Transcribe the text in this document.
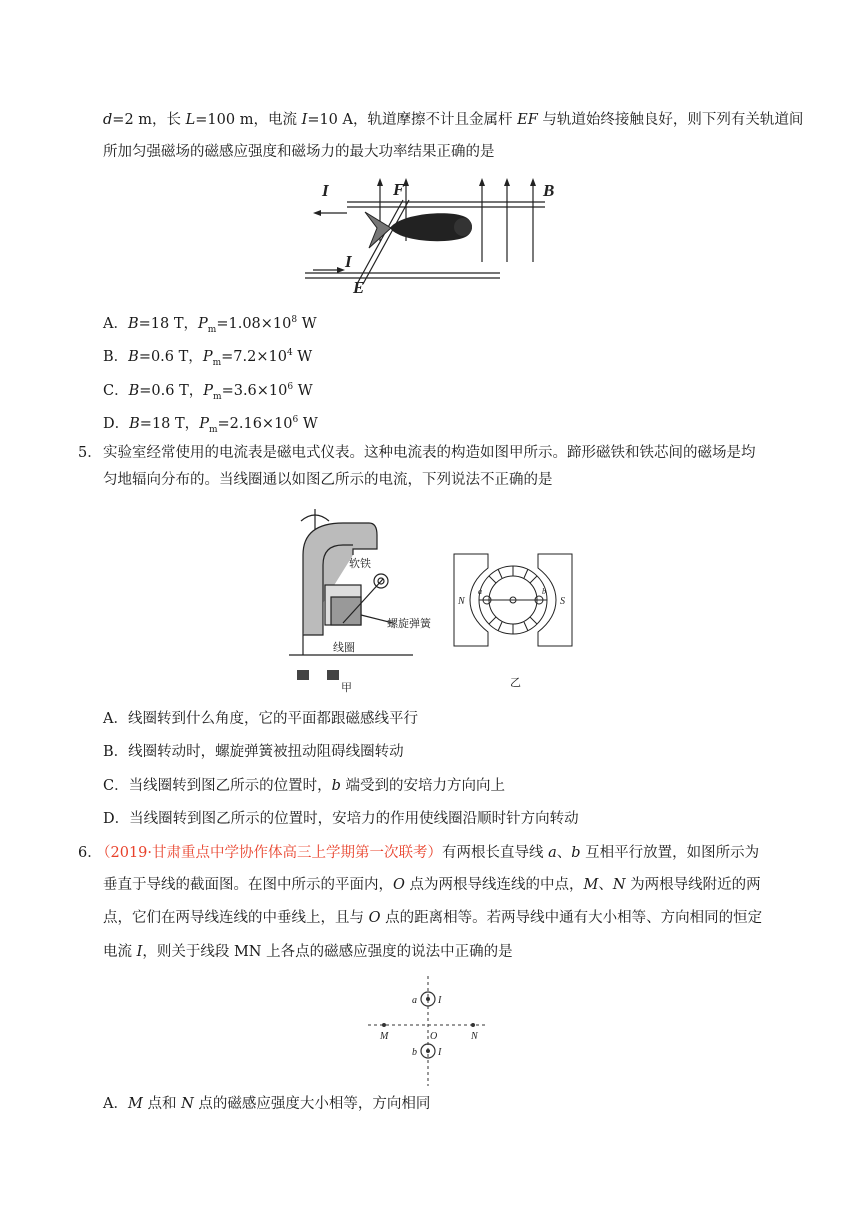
d=2 m，长 L=100 m，电流 I=10 A，轨道摩擦不计且金属杆 EF 与轨道始终接触良好，则下列有关轨道间
所加匀强磁场的磁感应强度和磁场力的最大功率结果正确的是
I	F	B
I
E
A．B=18 T，$P_m=1.08\times 10^8$ W
B．B=0.6 T，$P_m=7.2\times 10^4$ W
C．B=0.6 T，$P_m=3.6\times 10^6$ W
D．B=18 T，$P_m=2.16\times 10^6$ W
5． 实验室经常使用的电流表是磁电式仪表。这种电流表的构造如图甲所示。蹄形磁铁和铁芯间的磁场是均
匀地辐向分布的。当线圈通以如图乙所示的电流，下列说法不正确的是
软铁
螺旋弹簧
线圈
甲
N	S
a	b
乙
A．线圈转到什么角度，它的平面都跟磁感线平行
B．线圈转动时，螺旋弹簧被扭动阻碍线圈转动
C．当线圈转到图乙所示的位置时，b 端受到的安培力方向向上
D．当线圈转到图乙所示的位置时，安培力的作用使线圈沿顺时针方向转动
6．
（2019·甘肃重点中学协作体高三上学期第一次联考）有两根长直导线 a、b 互相平行放置，如图所示为
垂直于导线的截面图。在图中所示的平面内，O 点为两根导线连线的中点，M、N 为两根导线附近的两
点，它们在两导线连线的中垂线上，且与 O 点的距离相等。若两导线中通有大小相等、方向相同的恒定
电流 I，则关于线段 MN 上各点的磁感应强度的说法中正确的是
a I
M	O	N
b I
A．M 点和 N 点的磁感应强度大小相等，方向相同
